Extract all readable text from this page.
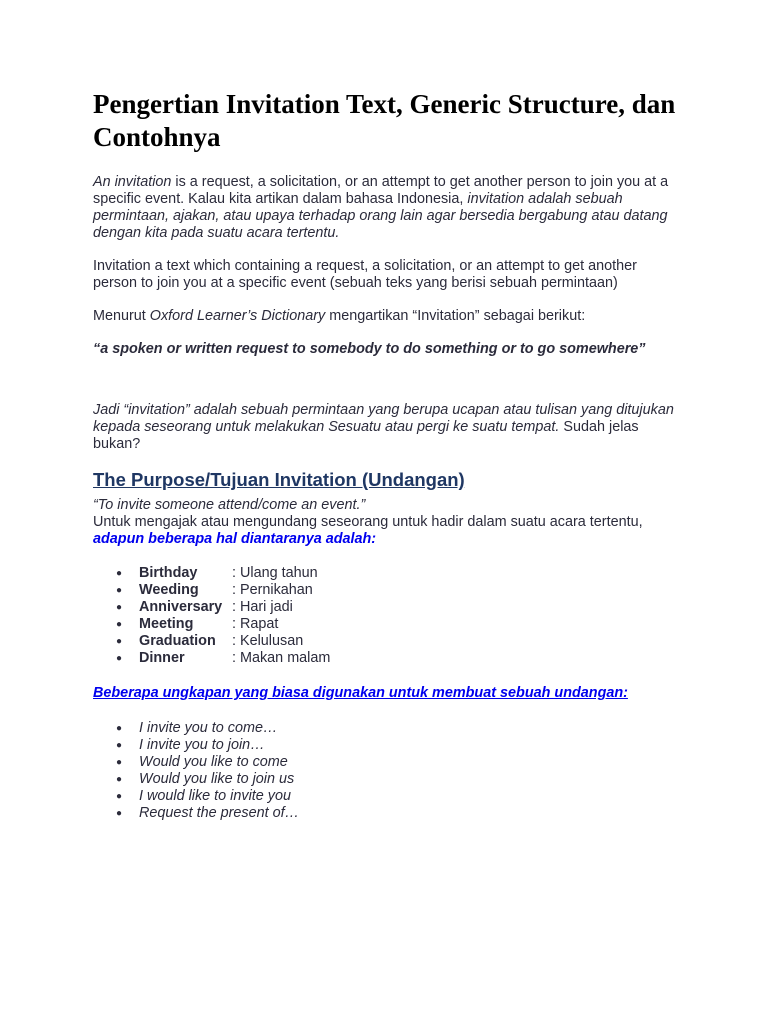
Pengertian Invitation Text, Generic Structure, dan Contohnya

An invitation is a request, a solicitation, or an attempt to get another person to join you at a specific event. Kalau kita artikan dalam bahasa Indonesia, invitation adalah sebuah permintaan, ajakan, atau upaya terhadap orang lain agar bersedia bergabung atau datang dengan kita pada suatu acara tertentu.

Invitation a text which containing a request, a solicitation, or an attempt to get another person to join you at a specific event (sebuah teks yang berisi sebuah permintaan)

Menurut Oxford Learner’s Dictionary mengartikan “Invitation” sebagai berikut:

“a spoken or written request to somebody to do something or to go somewhere”

Jadi “invitation” adalah sebuah permintaan yang berupa ucapan atau tulisan yang ditujukan kepada seseorang untuk melakukan Sesuatu atau pergi ke suatu tempat. Sudah jelas bukan?

The Purpose/Tujuan Invitation (Undangan)

“To invite someone attend/come an event.”
Untuk mengajak atau mengundang seseorang untuk hadir dalam suatu acara tertentu, adapun beberapa hal diantaranya adalah:

● Birthday : Ulang tahun
● Weeding : Pernikahan
● Anniversary : Hari jadi
● Meeting	: Rapat
● Graduation : Kelulusan
● Dinner	: Makan malam

Beberapa ungkapan yang biasa digunakan untuk membuat sebuah undangan:

● I invite you to come…
● I invite you to join…
● Would you like to come
● Would you like to join us
● I would like to invite you
● Request the present of…
